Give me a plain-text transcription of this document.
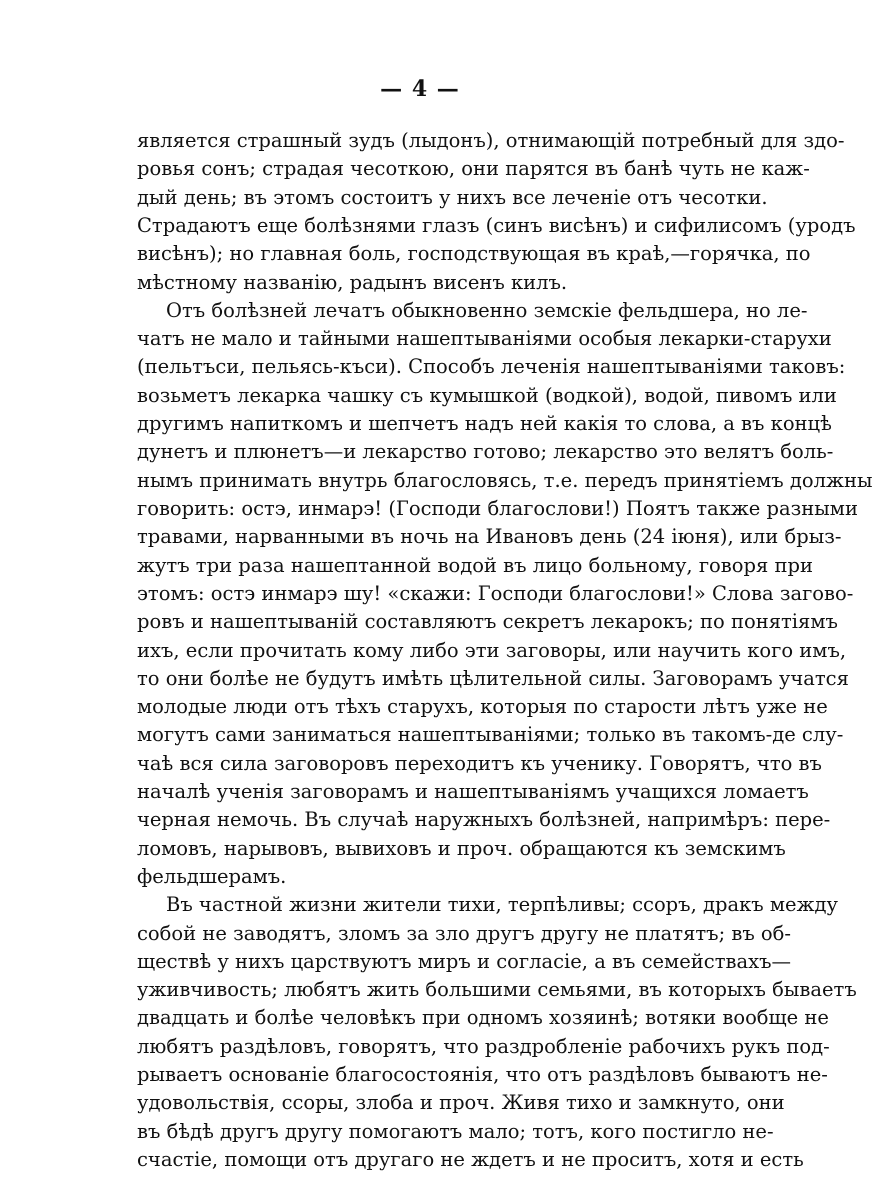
— 4 —
является страшный зудъ (лыдонъ), отнимающій потребный для здо-
ровья сонъ; страдая чесоткою, они парятся въ банѣ чуть не каж-
дый день; въ этомъ состоитъ у нихъ все леченіе отъ чесотки.
Страдаютъ еще болѣзнями глазъ (синъ висѣнъ) и сифилисомъ (уродъ
висѣнъ); но главная боль, господствующая въ краѣ,—горячка, по
мѣстному названію, радынъ висенъ килъ.
Отъ болѣзней лечатъ обыкновенно земскіе фельдшера, но ле-
чатъ не мало и тайными нашептываніями особыя лекарки-старухи
(пельтъси, пельясь-къси). Способъ леченія нашептываніями таковъ:
возьметъ лекарка чашку съ кумышкой (водкой), водой, пивомъ или
другимъ напиткомъ и шепчетъ надъ ней какія то слова, а въ концѣ
дунетъ и плюнетъ—и лекарство готово; лекарство это велятъ боль-
нымъ принимать внутрь благословясь, т.е. передъ принятіемъ должны
говорить: остэ, инмарэ! (Господи благослови!) Поятъ также разными
травами, нарванными въ ночь на Ивановъ день (24 іюня), или брыз-
жутъ три раза нашептанной водой въ лицо больному, говоря при
этомъ: остэ инмарэ шу! «скажи: Господи благослови!» Слова загово-
ровъ и нашептываній составляютъ секретъ лекарокъ; по понятіямъ
ихъ, если прочитать кому либо эти заговоры, или научить кого имъ,
то они болѣе не будутъ имѣть цѣлительной силы. Заговорамъ учатся
молодые люди отъ тѣхъ старухъ, которыя по старости лѣтъ уже не
могутъ сами заниматься нашептываніями; только въ такомъ-де слу-
чаѣ вся сила заговоровъ переходитъ къ ученику. Говорятъ, что въ
началѣ ученія заговорамъ и нашептываніямъ учащихся ломаетъ
черная немочь. Въ случаѣ наружныхъ болѣзней, напримѣръ: пере-
ломовъ, нарывовъ, вывиховъ и проч. обращаются къ земскимъ
фельдшерамъ.
Въ частной жизни жители тихи, терпѣливы; ссоръ, дракъ между
собой не заводятъ, зломъ за зло другъ другу не платятъ; въ об-
ществѣ у нихъ царствуютъ миръ и согласіе, а въ семействахъ—
уживчивость; любятъ жить большими семьями, въ которыхъ бываетъ
двадцать и болѣе человѣкъ при одномъ хозяинѣ; вотяки вообще не
любятъ раздѣловъ, говорятъ, что раздробленіе рабочихъ рукъ под-
рываетъ основаніе благосостоянія, что отъ раздѣловъ бываютъ не-
удовольствія, ссоры, злоба и проч. Живя тихо и замкнуто, они
въ бѣдѣ другъ другу помогаютъ мало; тотъ, кого постигло не-
счастіе, помощи отъ другаго не ждетъ и не проситъ, хотя и есть
